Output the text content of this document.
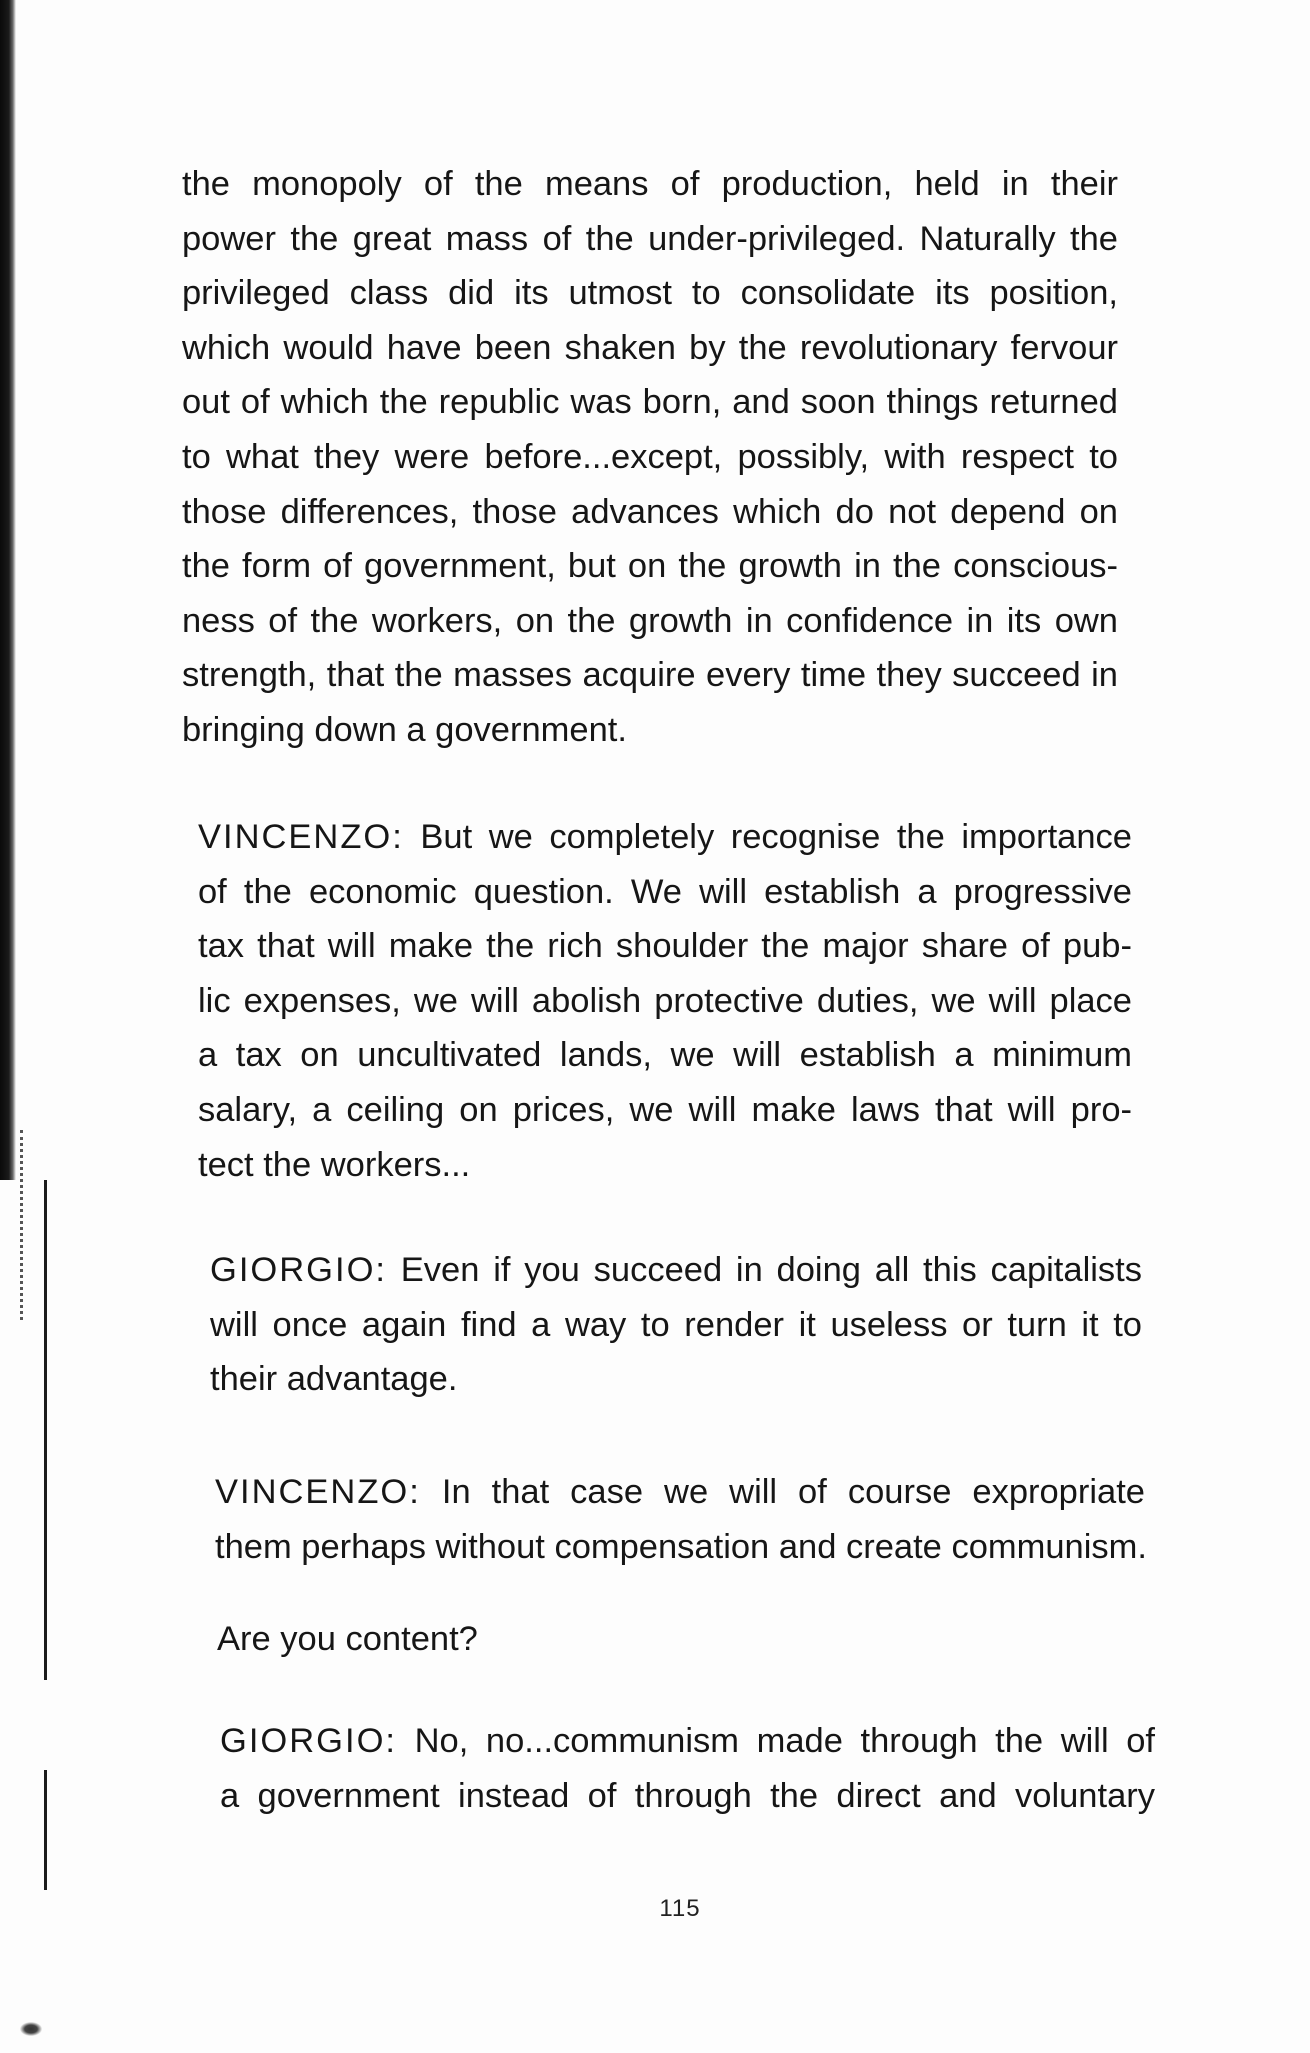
the monopoly of the means of production, held in their
power the great mass of the under-privileged. Naturally the
privileged class did its utmost to consolidate its position,
which would have been shaken by the revolutionary fervour
out of which the republic was born, and soon things returned
to what they were before...except, possibly, with respect to
those differences, those advances which do not depend on
the form of government, but on the growth in the conscious-
ness of the workers, on the growth in confidence in its own
strength, that the masses acquire every time they succeed in
bringing down a government.
VINCENZO: But we completely recognise the importance
of the economic question. We will establish a progressive
tax that will make the rich shoulder the major share of pub-
lic expenses, we will abolish protective duties, we will place
a tax on uncultivated lands, we will establish a minimum
salary, a ceiling on prices, we will make laws that will pro-
tect the workers...
GIORGIO: Even if you succeed in doing all this capitalists
will once again find a way to render it useless or turn it to
their advantage.
VINCENZO: In that case we will of course expropriate
them perhaps without compensation and create communism.
Are you content?
GIORGIO: No, no...communism made through the will of
a government instead of through the direct and voluntary
115
